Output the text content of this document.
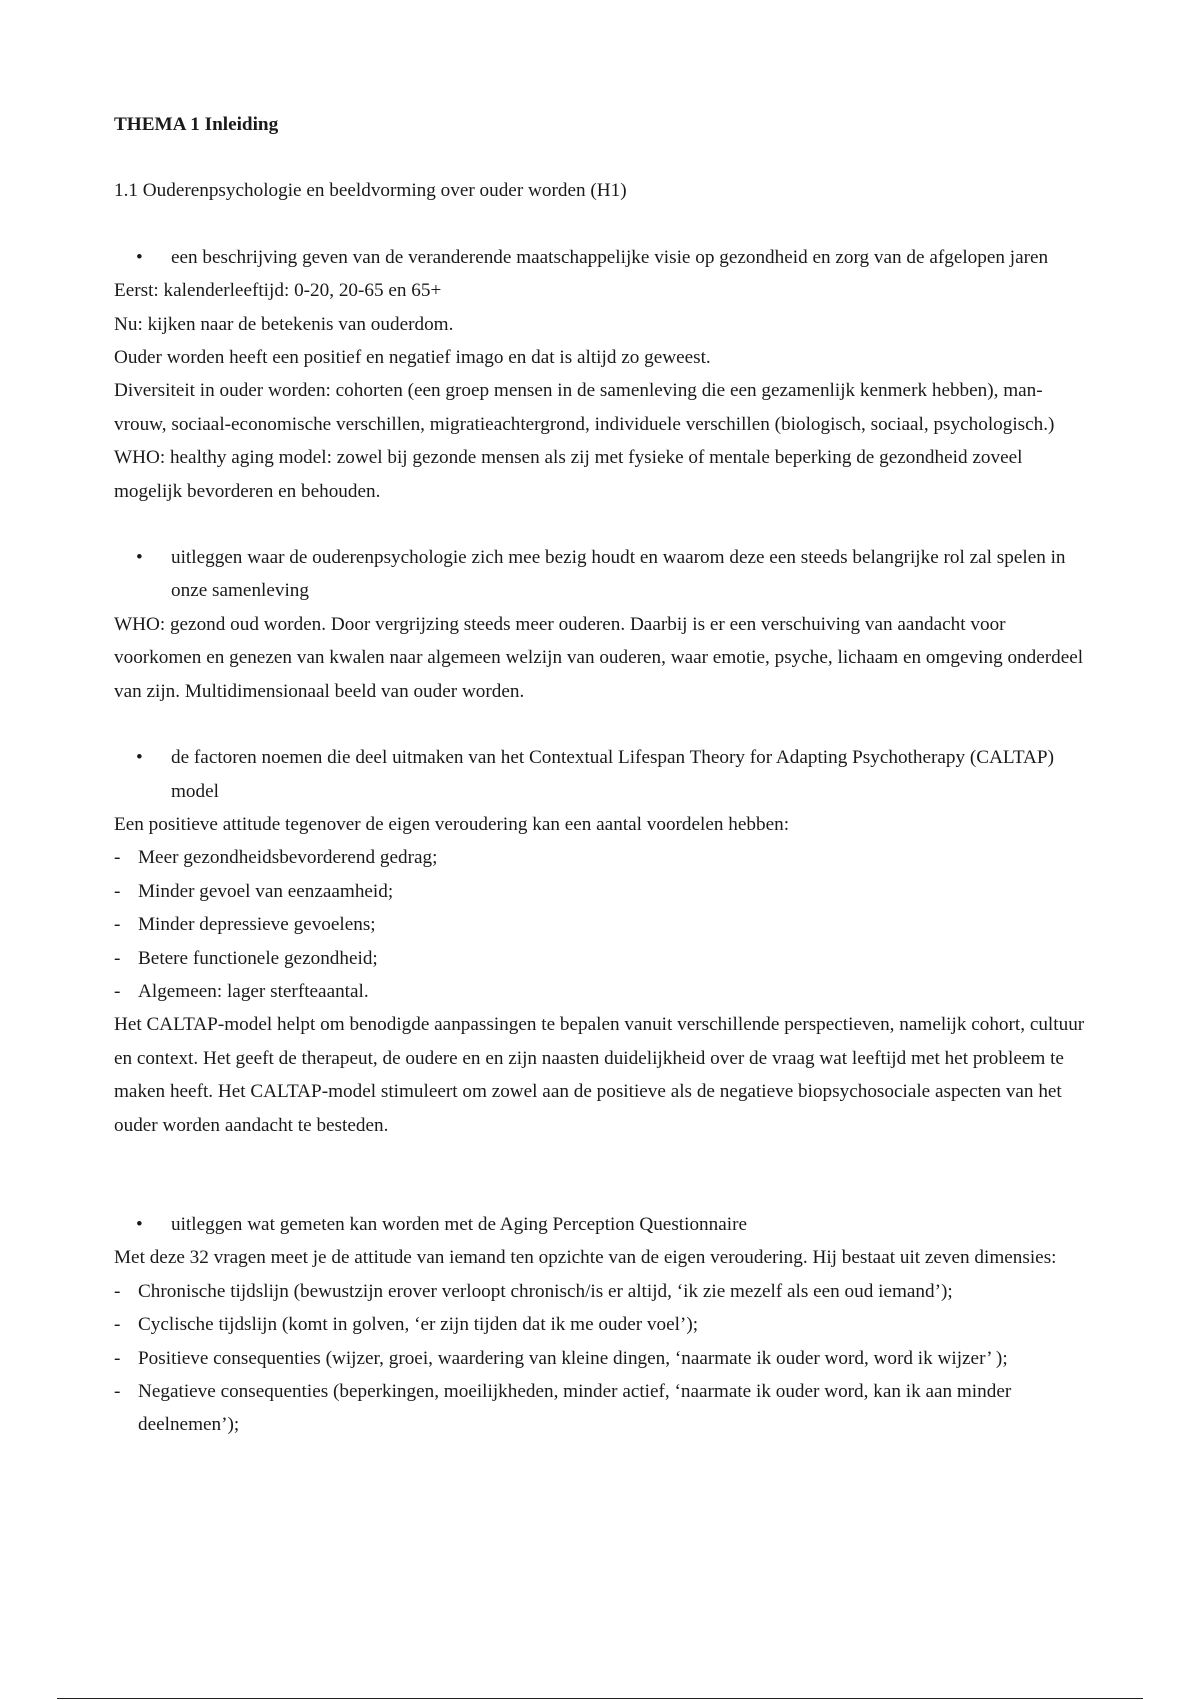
THEMA 1 Inleiding

1.1 Ouderenpsychologie en beeldvorming over ouder worden (H1)

• een beschrijving geven van de veranderende maatschappelijke visie op gezondheid en zorg van de afgelopen jaren

Eerst: kalenderleeftijd: 0-20, 20-65 en 65+

Nu: kijken naar de betekenis van ouderdom.

Ouder worden heeft een positief en negatief imago en dat is altijd zo geweest.

Diversiteit in ouder worden: cohorten (een groep mensen in de samenleving die een gezamenlijk kenmerk hebben), man-vrouw, sociaal-economische verschillen, migratieachtergrond, individuele verschillen (biologisch, sociaal, psychologisch.)

WHO: healthy aging model: zowel bij gezonde mensen als zij met fysieke of mentale beperking de gezondheid zoveel mogelijk bevorderen en behouden.

• uitleggen waar de ouderenpsychologie zich mee bezig houdt en waarom deze een steeds belangrijke rol zal spelen in onze samenleving

WHO: gezond oud worden. Door vergrijzing steeds meer ouderen. Daarbij is er een verschuiving van aandacht voor voorkomen en genezen van kwalen naar algemeen welzijn van ouderen, waar emotie, psyche, lichaam en omgeving onderdeel van zijn. Multidimensionaal beeld van ouder worden.

• de factoren noemen die deel uitmaken van het Contextual Lifespan Theory for Adapting Psychotherapy (CALTAP) model

Een positieve attitude tegenover de eigen veroudering kan een aantal voordelen hebben:

- Meer gezondheidsbevorderend gedrag;
- Minder gevoel van eenzaamheid;
- Minder depressieve gevoelens;
- Betere functionele gezondheid;
- Algemeen: lager sterfteaantal.

Het CALTAP-model helpt om benodigde aanpassingen te bepalen vanuit verschillende perspectieven, namelijk cohort, cultuur en context. Het geeft de therapeut, de oudere en en zijn naasten duidelijkheid over de vraag wat leeftijd met het probleem te maken heeft. Het CALTAP-model stimuleert om zowel aan de positieve als de negatieve biopsychosociale aspecten van het ouder worden aandacht te besteden.

• uitleggen wat gemeten kan worden met de Aging Perception Questionnaire

Met deze 32 vragen meet je de attitude van iemand ten opzichte van de eigen veroudering. Hij bestaat uit zeven dimensies:

- Chronische tijdslijn (bewustzijn erover verloopt chronisch/is er altijd, ‘ik zie mezelf als een oud iemand’);
- Cyclische tijdslijn (komt in golven, ‘er zijn tijden dat ik me ouder voel’);
- Positieve consequenties (wijzer, groei, waardering van kleine dingen, ‘naarmate ik ouder word, word ik wijzer’ );
- Negatieve consequenties (beperkingen, moeilijkheden, minder actief, ‘naarmate ik ouder word, kan ik aan minder deelnemen’);
